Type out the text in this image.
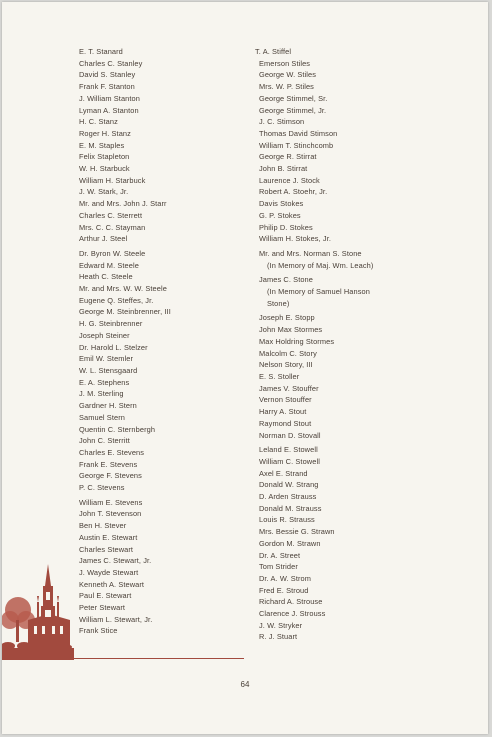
E. T. Stanard
Charles C. Stanley
David S. Stanley
Frank F. Stanton
J. William Stanton
Lyman A. Stanton
H. C. Stanz
Roger H. Stanz
E. M. Staples
Felix Stapleton
W. H. Starbuck
William H. Starbuck
J. W. Stark, Jr.
Mr. and Mrs. John J. Starr
Charles C. Sterrett
Mrs. C. C. Stayman
Arthur J. Steel
Dr. Byron W. Steele
Edward M. Steele
Heath C. Steele
Mr. and Mrs. W. W. Steele
Eugene Q. Steffes, Jr.
George M. Steinbrenner, III
H. G. Steinbrenner
Joseph Steiner
Dr. Harold L. Stelzer
Emil W. Stemler
W. L. Stensgaard
E. A. Stephens
J. M. Sterling
Gardner H. Stern
Samuel Stern
Quentin C. Sternbergh
John C. Sterritt
Charles E. Stevens
Frank E. Stevens
George F. Stevens
P. C. Stevens
William E. Stevens
John T. Stevenson
Ben H. Stever
Austin E. Stewart
Charles Stewart
James C. Stewart, Jr.
J. Wayde Stewart
Kenneth A. Stewart
Paul E. Stewart
Peter Stewart
William L. Stewart, Jr.
Frank Stice
T. A. Stiffel
Emerson Stiles
George W. Stiles
Mrs. W. P. Stiles
George Stimmel, Sr.
George Stimmel, Jr.
J. C. Stimson
Thomas David Stimson
William T. Stinchcomb
George R. Stirrat
John B. Stirrat
Laurence J. Stock
Robert A. Stoehr, Jr.
Davis Stokes
G. P. Stokes
Philip D. Stokes
William H. Stokes, Jr.
Mr. and Mrs. Norman S. Stone
(In Memory of Maj. Wm. Leach)
James C. Stone
(In Memory of Samuel Hanson
Stone)
Joseph E. Stopp
John Max Stormes
Max Holdring Stormes
Malcolm C. Story
Nelson Story, III
E. S. Stoller
James V. Stouffer
Vernon Stouffer
Harry A. Stout
Raymond Stout
Norman D. Stovall
Leland E. Stowell
William C. Stowell
Axel E. Strand
Donald W. Strang
D. Arden Strauss
Donald M. Strauss
Louis R. Strauss
Mrs. Bessie G. Strawn
Gordon M. Strawn
Dr. A. Street
Tom Strider
Dr. A. W. Strom
Fred E. Stroud
Richard A. Strouse
Clarence J. Strouss
J. W. Stryker
R. J. Stuart
64
